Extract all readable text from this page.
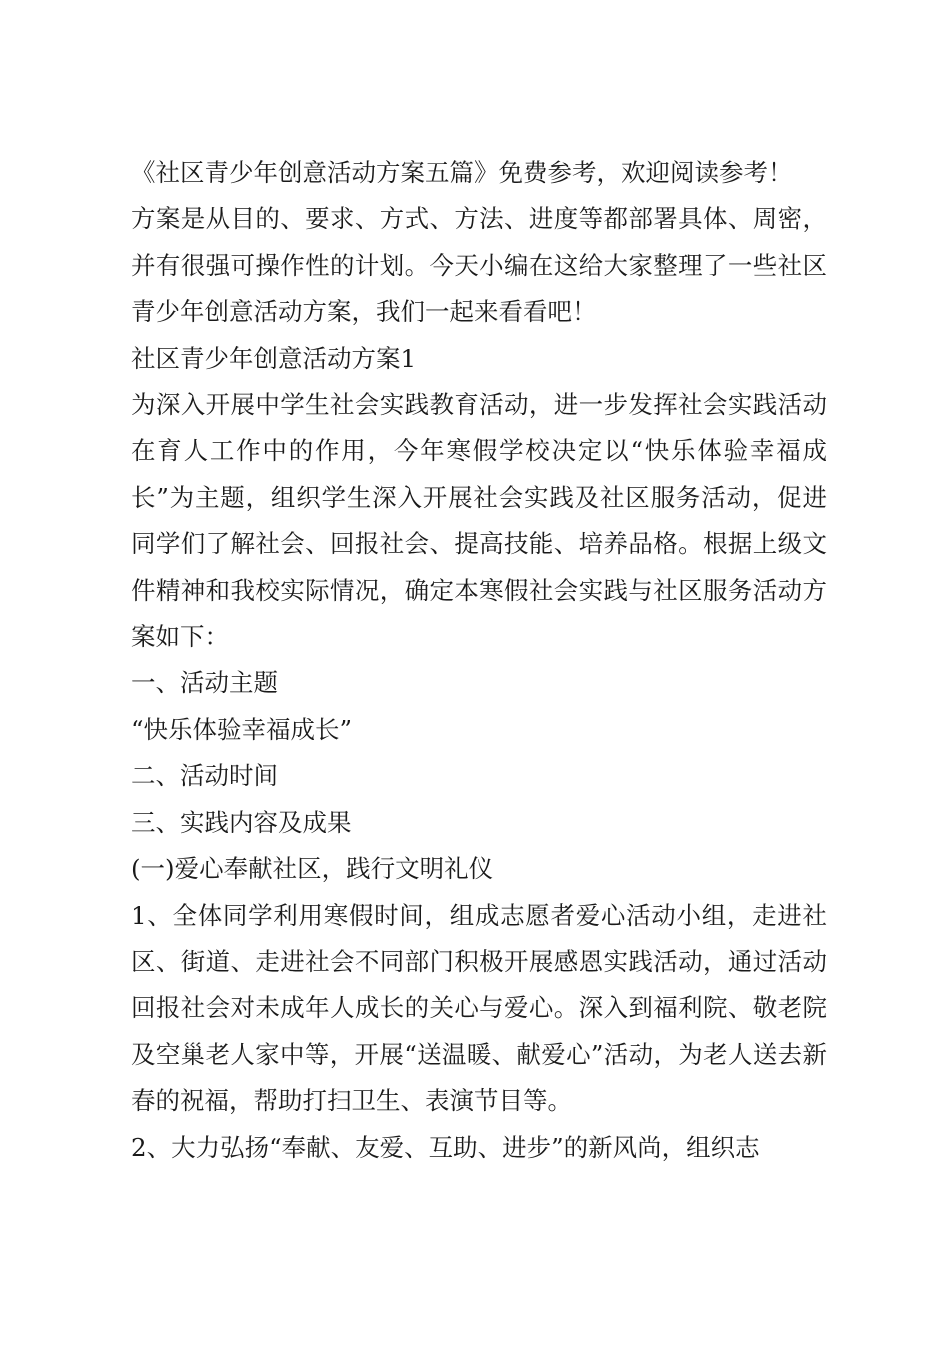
《社区青少年创意活动方案五篇》免费参考，欢迎阅读参考！

方案是从目的、要求、方式、方法、进度等都部署具体、周密，并有很强可操作性的计划。今天小编在这给大家整理了一些社区青少年创意活动方案，我们一起来看看吧！

社区青少年创意活动方案1

为深入开展中学生社会实践教育活动，进一步发挥社会实践活动在育人工作中的作用，今年寒假学校决定以“快乐体验幸福成长”为主题，组织学生深入开展社会实践及社区服务活动，促进同学们了解社会、回报社会、提高技能、培养品格。根据上级文件精神和我校实际情况，确定本寒假社会实践与社区服务活动方案如下：

一、活动主题

“快乐体验幸福成长”

二、活动时间

三、实践内容及成果

(一)爱心奉献社区，践行文明礼仪

1、全体同学利用寒假时间，组成志愿者爱心活动小组，走进社区、街道、走进社会不同部门积极开展感恩实践活动，通过活动回报社会对未成年人成长的关心与爱心。深入到福利院、敬老院及空巢老人家中等，开展“送温暖、献爱心”活动，为老人送去新春的祝福，帮助打扫卫生、表演节目等。

2、大力弘扬“奉献、友爱、互助、进步”的新风尚，组织志
